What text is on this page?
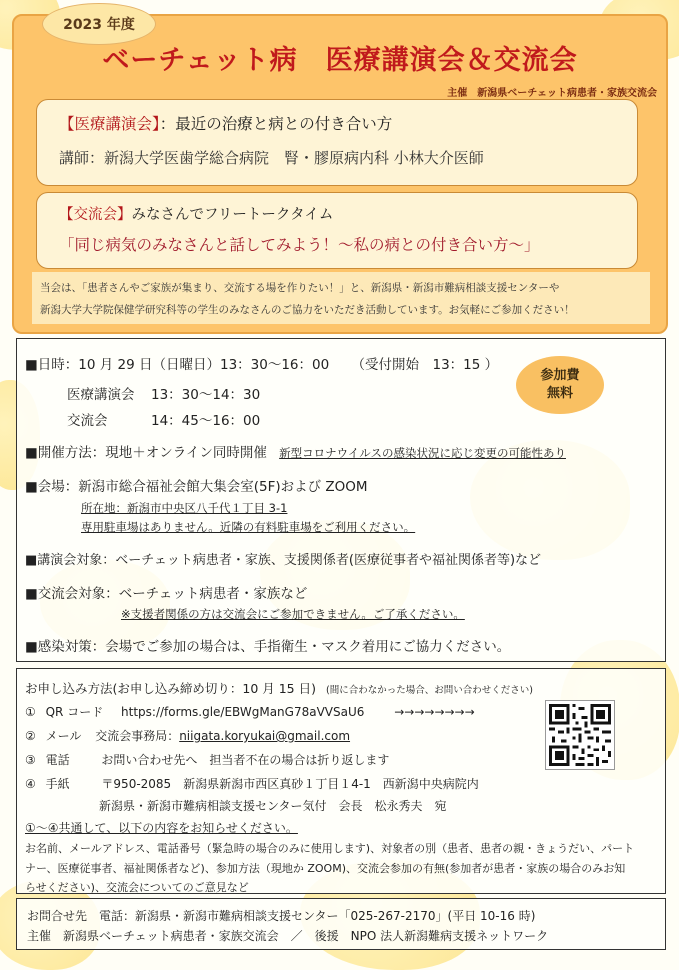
2023 年度
ベーチェット病　医療講演会＆交流会
主催　新潟県ベーチェット病患者・家族交流会
【医療講演会】：最近の治療と病との付き合い方
講師：新潟大学医歯学総合病院　腎・膠原病内科 小林大介医師
【交流会】みなさんでフリートークタイム
「同じ病気のみなさんと話してみよう！～私の病との付き合い方～」
当会は、「患者さんやご家族が集まり、交流する場を作りたい！」と、新潟県・新潟市難病相談支援センターや
新潟大学大学院保健学研究科等の学生のみなさんのご協力をいただき活動しています。お気軽にご参加ください！
■日時：10 月 29 日（日曜日）13：30～16：00 （受付開始　13：15 ）
医療講演会 13：30～14：30
交流会	14：45～16：00
■開催方法：現地＋オンライン同時開催 新型コロナウイルスの感染状況に応じ変更の可能性あり
■会場：新潟市総合福祉会館大集会室(5F)および ZOOM
所在地：新潟市中央区八千代１丁目 3-1
専用駐車場はありません。近隣の有料駐車場をご利用ください。
■講演会対象：ベーチェット病患者・家族、支援関係者(医療従事者や福祉関係者等)など
■交流会対象：ベーチェット病患者・家族など
※支援者関係の方は交流会にご参加できません。ご了承ください。
■感染対策：会場でご参加の場合は、手指衛生・マスク着用にご協力ください。
参加費
無料
お申し込み方法(お申し込み締め切り：10 月 15 日) (間に合わなかった場合、お問い合わせください)
① QR コード https://forms.gle/EBWgManG78aVVSaU6 →→→→→→→→
② メール 交流会事務局：niigata.koryukai@gmail.com
③ 電話	お問い合わせ先へ　担当者不在の場合は折り返します
④ 手紙	〒950-2085　新潟県新潟市西区真砂１丁目１4-1　西新潟中央病院内
新潟県・新潟市難病相談支援センター気付　会長　松永秀夫　宛
①～④共通して、以下の内容をお知らせください。
お名前、メールアドレス、電話番号（緊急時の場合のみに使用します)、対象者の別（患者、患者の親・きょうだい、パート
ナー、医療従事者、福祉関係者など)、参加方法（現地か ZOOM)、交流会参加の有無(参加者が患者・家族の場合のみお知
らせください)、交流会についてのご意見など
お問合せ先　電話：新潟県・新潟市難病相談支援センター「025-267-2170」(平日 10-16 時)
主催　新潟県ベーチェット病患者・家族交流会　／　後援　NPO 法人新潟難病支援ネットワーク
